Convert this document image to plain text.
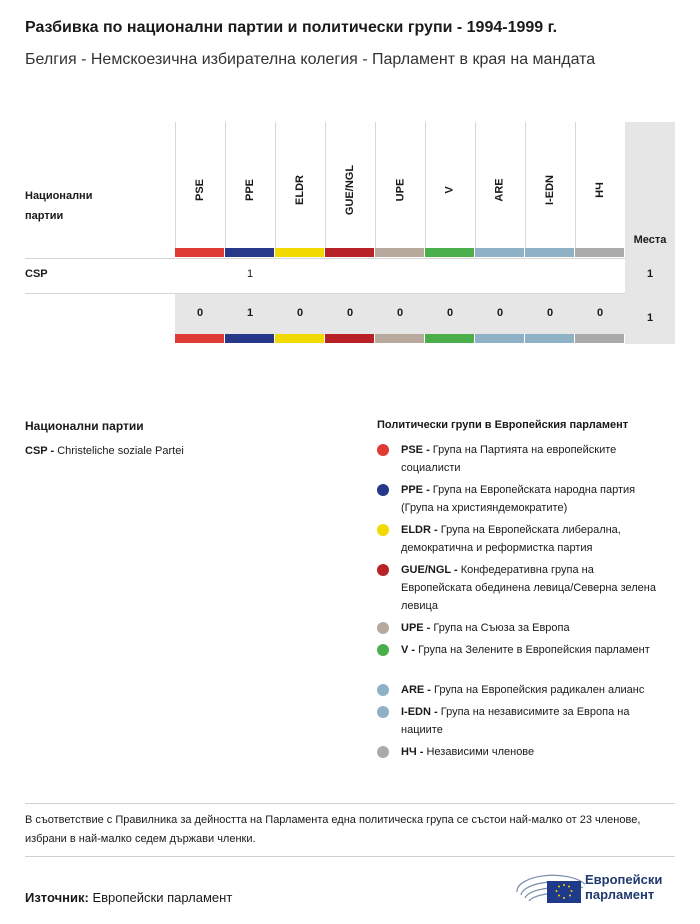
Разбивка по национални партии и политически групи - 1994-1999 г.
Белгия - Немскоезична избирателна колегия - Парламент в края на мандата
Национални партии
Места
CSP
PSE
0
PPE
1
1
ELDR
0
GUE/NGL
0
UPE
0
V
0
ARE
0
I-EDN
0
НЧ
0
1
1
Национални партии
CSP - Christeliche soziale Partei
Политически групи в Европейския парламент
PSE - Група на Партията на европейските социалисти
PPE - Група на Европейската народна партия (Група на християндемократите)
ELDR - Група на Европейската либерална, демократична и реформистка партия
GUE/NGL - Конфедеративна група на Европейската обединена левица/Северна зелена левица
UPE - Група на Съюза за Европа
V - Група на Зелените в Европейския парламент
ARE - Група на Европейския радикален алианс
I-EDN - Група на независимите за Европа на нациите
НЧ - Независими членове
В съответствие с Правилника за дейността на Парламента една политическа група се състои най-малко от 23 членове, избрани в най-малко седем държави членки.
Източник: Европейски парламент
Европейски
парламент
